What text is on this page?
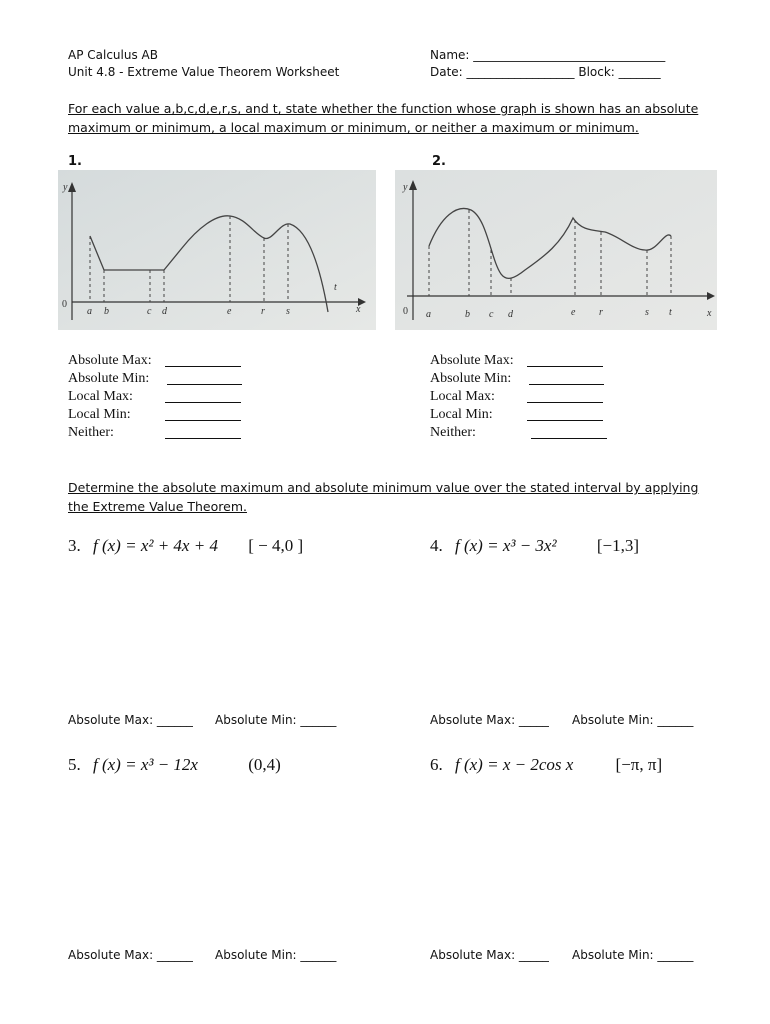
AP Calculus AB
Unit 4.8 - Extreme Value Theorem Worksheet
Name: ________________________________
Date: __________________ Block: _______
For each value a,b,c,d,e,r,s, and t, state whether the function whose graph is shown has an absolute
maximum or minimum, a local maximum or minimum, or neither a maximum or minimum.
1.	2.
y
0
a b	c d	e	r s
t
x
y
0 a	b c d	e r	s t	x
Absolute Max:
Absolute Min:
Local Max:
Local Min:
Neither:
Absolute Max:
Absolute Min:
Local Max:
Local Min:
Neither:
Determine the absolute maximum and absolute minimum value over the stated interval by applying
the Extreme Value Theorem.
3. f (x) = x² + 4x + 4 [ − 4,0 ]	4. f (x) = x³ − 3x² [−1,3]
Absolute Max: ______ Absolute Min: ______	Absolute Max: _____ Absolute Min: ______
5. f (x) = x³ − 12x	(0,4)	6. f (x) = x − 2cos x [−π, π]
Absolute Max: ______ Absolute Min: ______	Absolute Max: _____ Absolute Min: ______
